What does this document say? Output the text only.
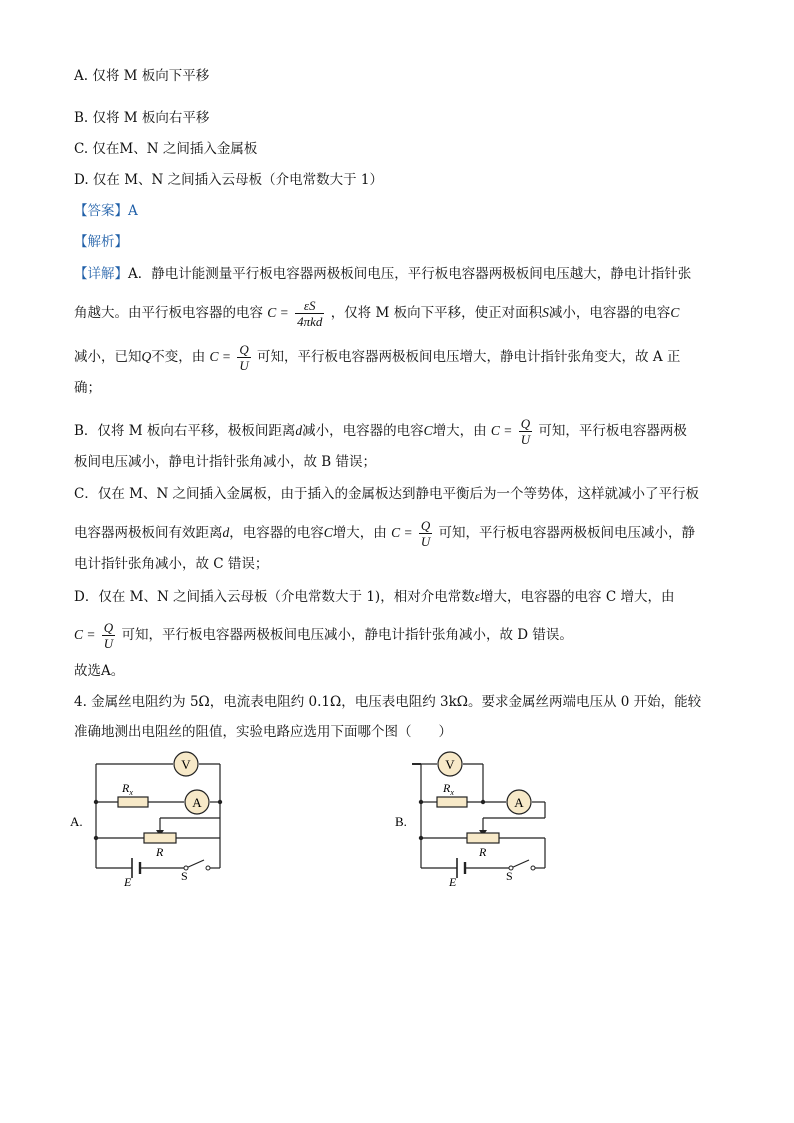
A. 仅将 M 板向下平移
B. 仅将 M 板向右平移
C. 仅在M、N 之间插入金属板
D. 仅在 M、N 之间插入云母板（介电常数大于 1）
【答案】A
【解析】
【详解】A．静电计能测量平行板电容器两极板间电压，平行板电容器两极板间电压越大，静电计指针张
角越大。由平行板电容器的电容 $C = \frac{\varepsilon S}{\text{4πkd}}$ ，仅将 M 板向下平移，使正对面积S减小，电容器的电容C
减小，已知Q不变，由 $C = \frac{Q}{U}$ 可知，平行板电容器两极板间电压增大，静电计指针张角变大，故 A 正
确；
B．仅将 M 板向右平移，极板间距离d减小，电容器的电容C增大，由 $C = \frac{Q}{U}$ 可知，平行板电容器两极
板间电压减小，静电计指针张角减小，故 B 错误；
C．仅在 M、N 之间插入金属板，由于插入的金属板达到静电平衡后为一个等势体，这样就减小了平行板
电容器两极板间有效距离d，电容器的电容C增大，由 $C = \frac{Q}{U}$ 可知，平行板电容器两极板间电压减小，静
电计指针张角减小，故 C 错误；
D．仅在 M、N 之间插入云母板（介电常数大于 1)，相对介电常数ε增大，电容器的电容 C 增大，由
$C = \frac{Q}{U}$ 可知，平行板电容器两极板间电压减小，静电计指针张角减小，故 D 错误。
故选A。
4. 金属丝电阻约为 5Ω，电流表电阻约 0.1Ω，电压表电阻约 3kΩ。要求金属丝两端电压从 0 开始，能较
准确地测出电阻丝的阻值，实验电路应选用下面哪个图（　　）
V
$R_x$
A
R
E	S
A.
V
$R_x$
A
R
E	S
B.
